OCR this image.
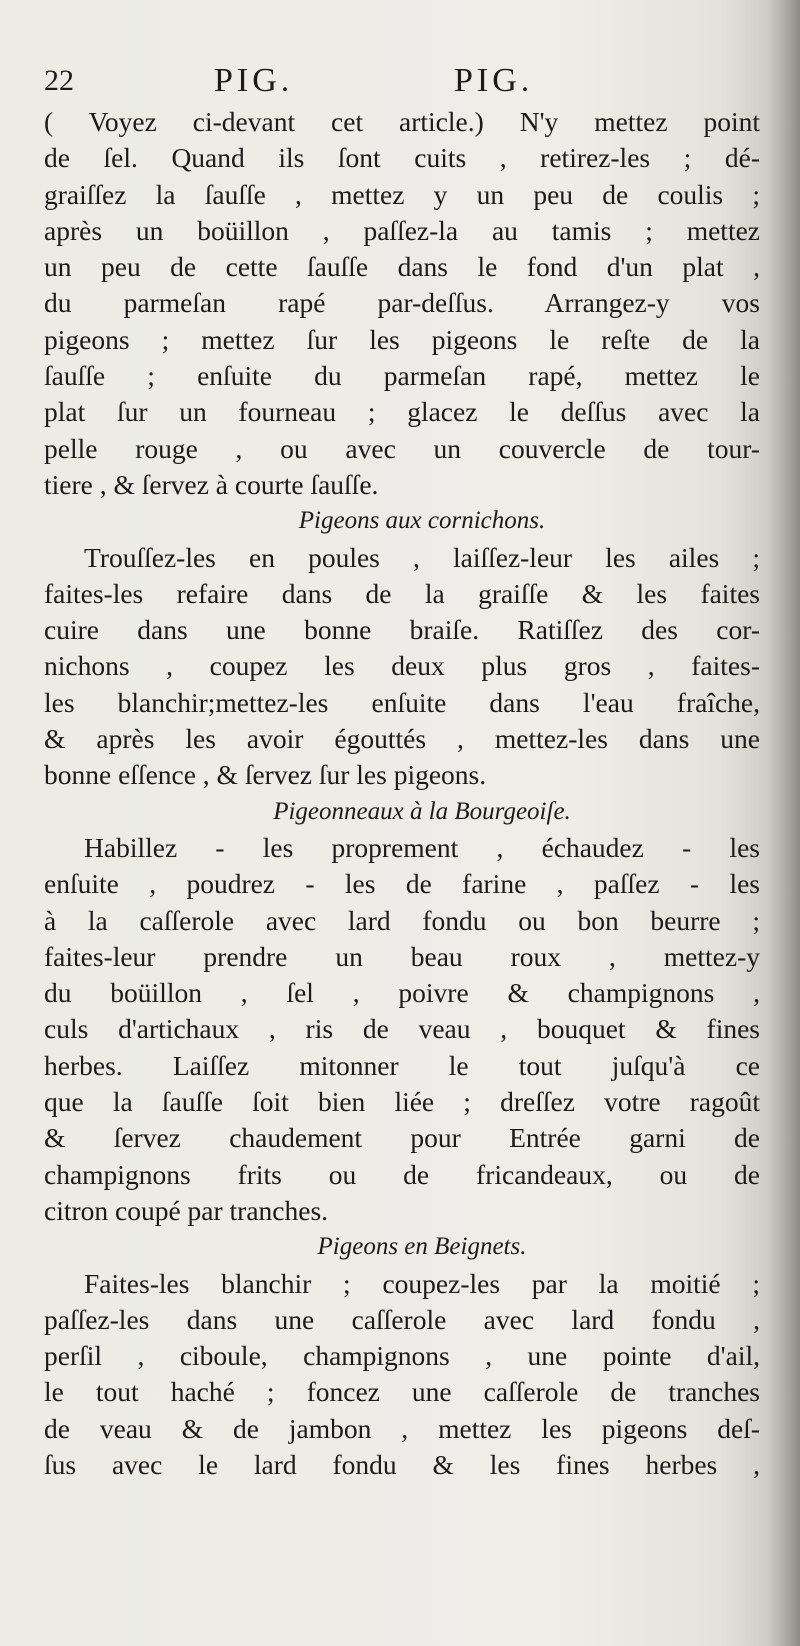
22	PIG.	PIG.
( Voyez ci-devant cet article.) N'y mettez point
de ſel. Quand ils ſont cuits , retirez-les ; dé-
graiſſez la ſauſſe , mettez y un peu de coulis ;
après un boüillon , paſſez-la au tamis ; mettez
un peu de cette ſauſſe dans le fond d'un plat ,
du parmeſan rapé par-deſſus. Arrangez-y vos
pigeons ; mettez ſur les pigeons le reſte de la
ſauſſe ; enſuite du parmeſan rapé, mettez le
plat ſur un fourneau ; glacez le deſſus avec la
pelle rouge , ou avec un couvercle de tour-
tiere , & ſervez à courte ſauſſe.
Pigeons aux cornichons.
Trouſſez-les en poules , laiſſez-leur les ailes ;
faites-les refaire dans de la graiſſe & les faites
cuire dans une bonne braiſe. Ratiſſez des cor-
nichons , coupez les deux plus gros , faites-
les blanchir;mettez-les enſuite dans l'eau fraîche,
& après les avoir égouttés , mettez-les dans une
bonne eſſence , & ſervez ſur les pigeons.
Pigeonneaux à la Bourgeoiſe.
Habillez - les proprement , échaudez - les
enſuite , poudrez - les de farine , paſſez - les
à la caſſerole avec lard fondu ou bon beurre ;
faites-leur prendre un beau roux , mettez-y
du boüillon , ſel , poivre & champignons ,
culs d'artichaux , ris de veau , bouquet & fines
herbes. Laiſſez mitonner le tout juſqu'à ce
que la ſauſſe ſoit bien liée ; dreſſez votre ragoût
& ſervez chaudement pour Entrée garni de
champignons frits ou de fricandeaux, ou de
citron coupé par tranches.
Pigeons en Beignets.
Faites-les blanchir ; coupez-les par la moitié ;
paſſez-les dans une caſſerole avec lard fondu ,
perſil , ciboule, champignons , une pointe d'ail,
le tout haché ; foncez une caſſerole de tranches
de veau & de jambon , mettez les pigeons deſ-
ſus avec le lard fondu & les fines herbes ,
